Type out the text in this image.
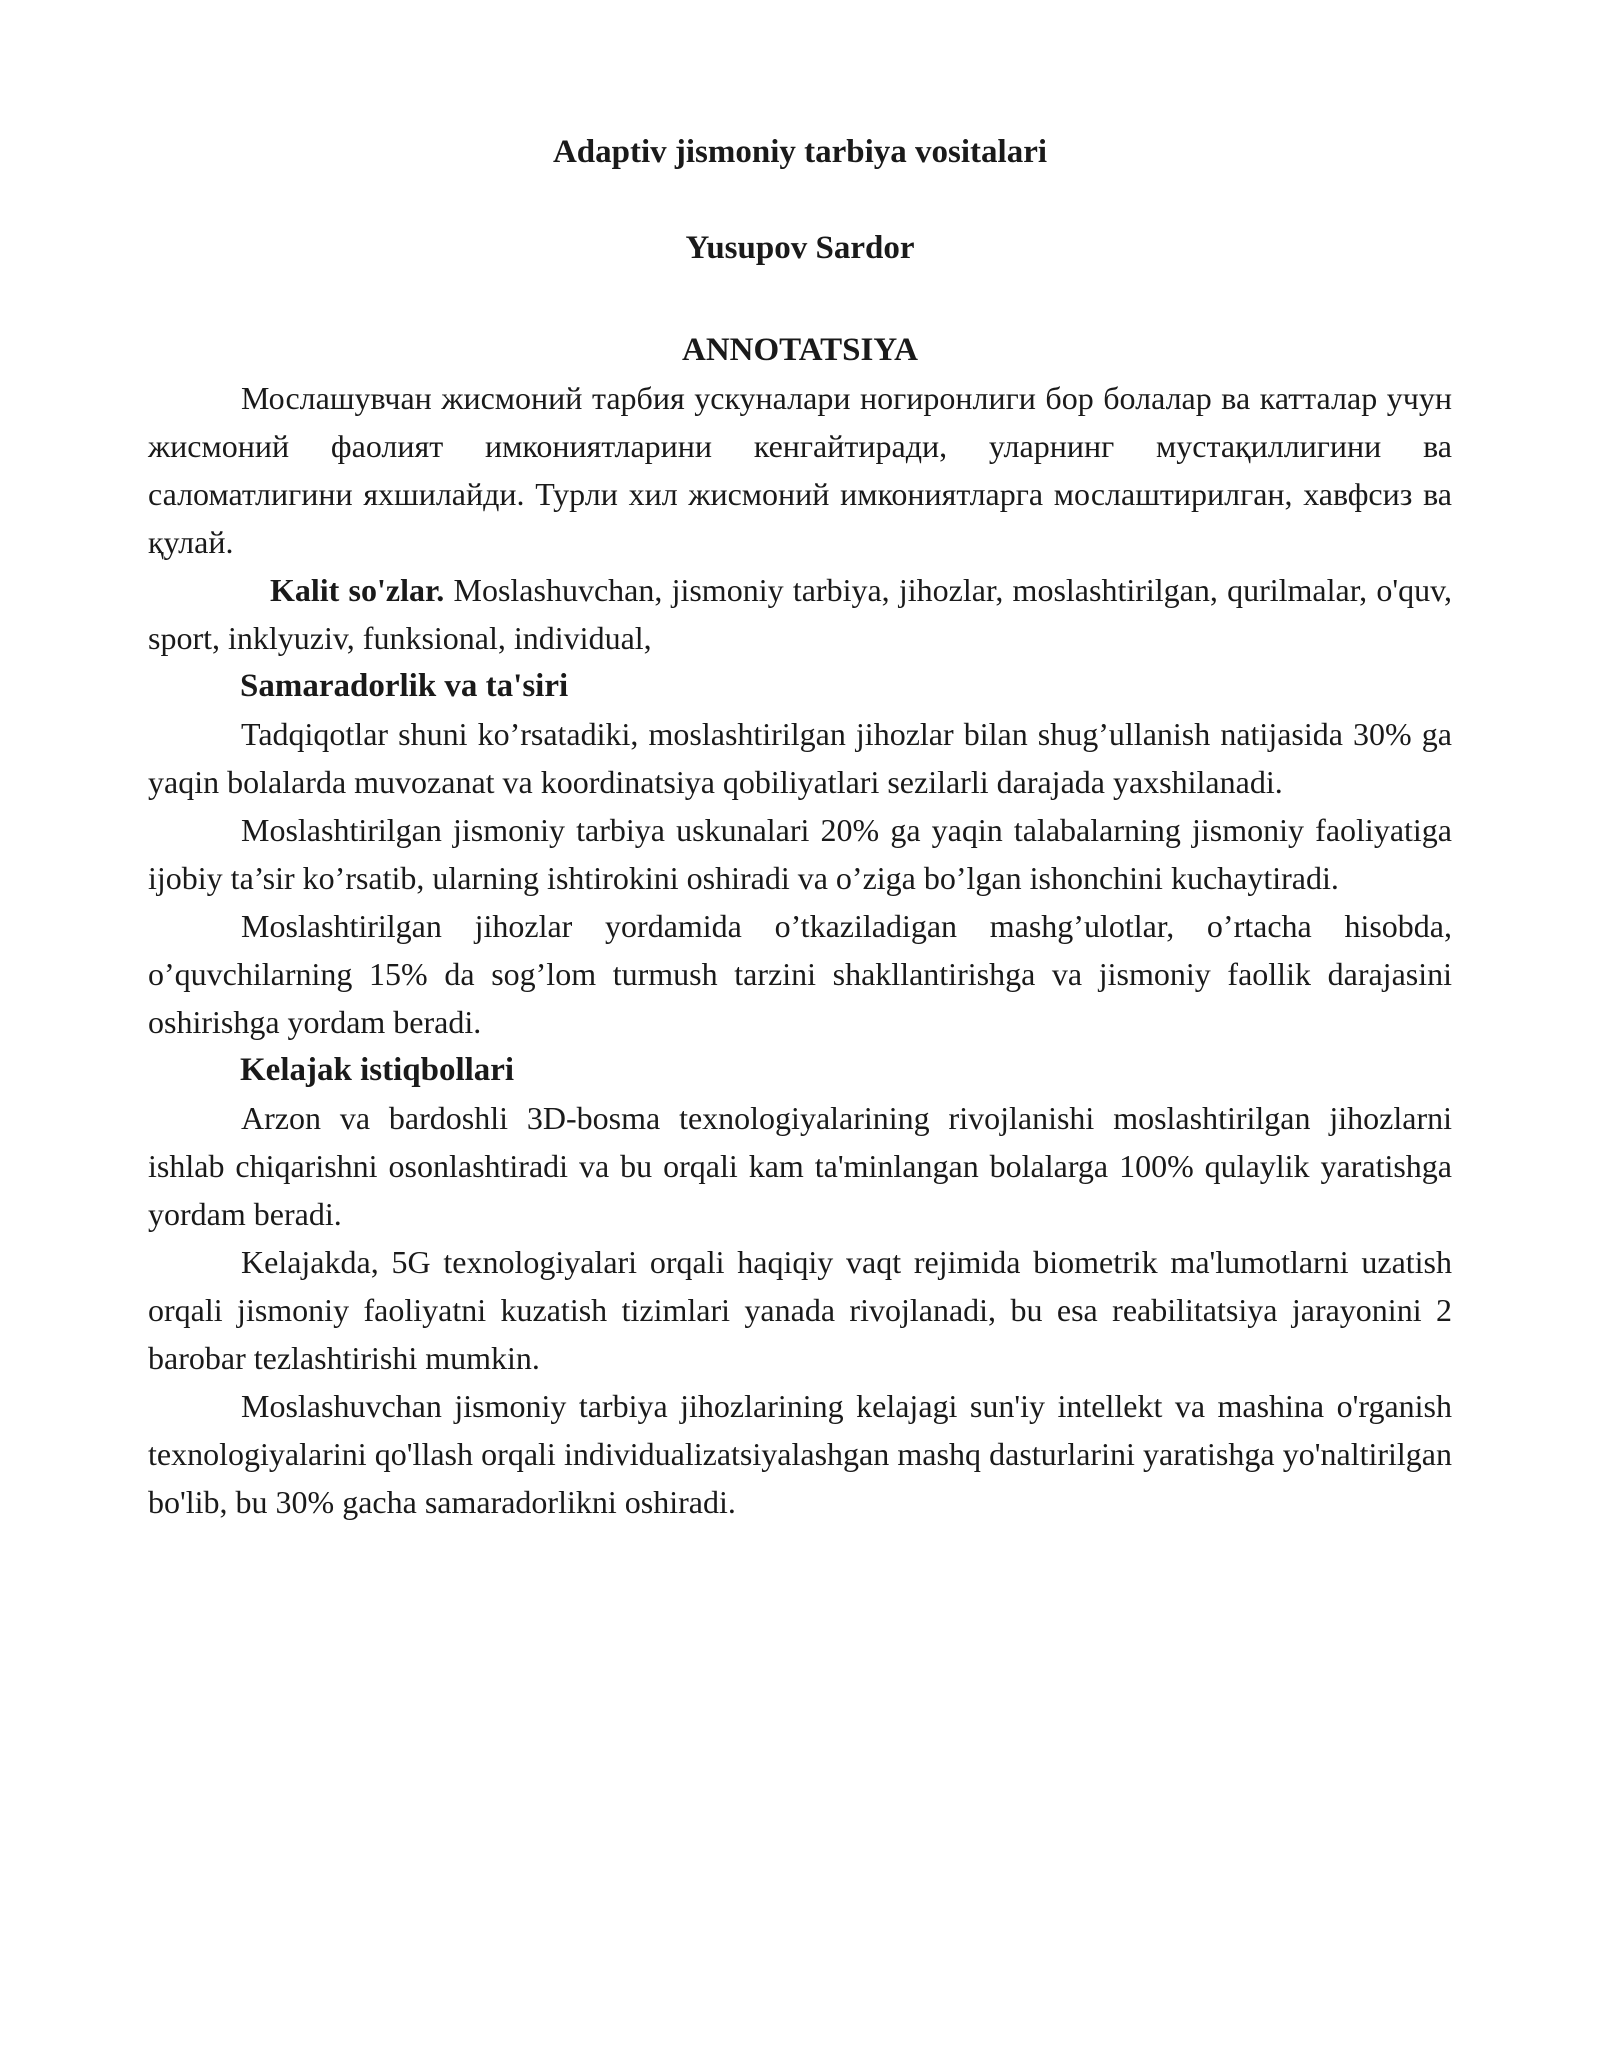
Adaptiv jismoniy tarbiya vositalari
Yusupov Sardor
ANNOTATSIYA

Мослашувчан жисмоний тарбия ускуналари ногиронлиги бор болалар ва катталар учун жисмоний фаолият имкониятларини кенгайтиради, уларнинг мустақиллигини ва саломатлигини яхшилайди. Турли хил жисмоний имкониятларга мослаштирилган, хавфсиз ва қулай.

Kalit so'zlar. Moslashuvchan, jismoniy tarbiya, jihozlar, moslashtirilgan, qurilmalar, o'quv, sport, inklyuziv, funksional, individual,

Samaradorlik va ta'siri

Tadqiqotlar shuni ko’rsatadiki, moslashtirilgan jihozlar bilan shug’ullanish natijasida 30% ga yaqin bolalarda muvozanat va koordinatsiya qobiliyatlari sezilarli darajada yaxshilanadi.

Moslashtirilgan jismoniy tarbiya uskunalari 20% ga yaqin talabalarning jismoniy faoliyatiga ijobiy ta’sir ko’rsatib, ularning ishtirokini oshiradi va o’ziga bo’lgan ishonchini kuchaytiradi.

Moslashtirilgan jihozlar yordamida o’tkaziladigan mashg’ulotlar, o’rtacha hisobda, o’quvchilarning 15% da sog’lom turmush tarzini shakllantirishga va jismoniy faollik darajasini oshirishga yordam beradi.

Kelajak istiqbollari

Arzon va bardoshli 3D-bosma texnologiyalarining rivojlanishi moslashtirilgan jihozlarni ishlab chiqarishni osonlashtiradi va bu orqali kam ta'minlangan bolalarga 100% qulaylik yaratishga yordam beradi.

Kelajakda, 5G texnologiyalari orqali haqiqiy vaqt rejimida biometrik ma'lumotlarni uzatish orqali jismoniy faoliyatni kuzatish tizimlari yanada rivojlanadi, bu esa reabilitatsiya jarayonini 2 barobar tezlashtirishi mumkin.

Moslashuvchan jismoniy tarbiya jihozlarining kelajagi sun'iy intellekt va mashina o'rganish texnologiyalarini qo'llash orqali individualizatsiyalashgan mashq dasturlarini yaratishga yo'naltirilgan bo'lib, bu 30% gacha samaradorlikni oshiradi.
